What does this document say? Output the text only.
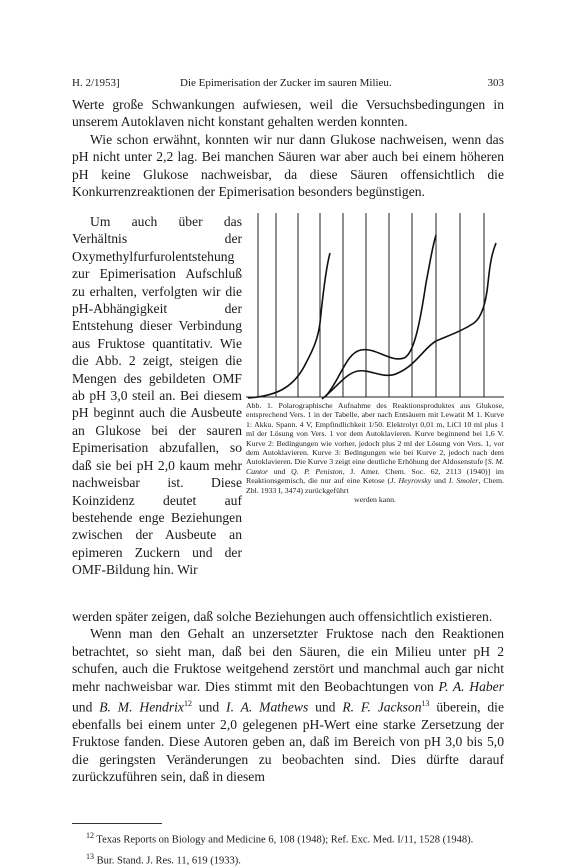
H. 2/1953]	Die Epimerisation der Zucker im sauren Milieu.	303
Werte große Schwankungen aufwiesen, weil die Versuchsbedingungen in unserem Autoklaven nicht konstant gehalten werden konnten.
Wie schon erwähnt, konnten wir nur dann Glukose nachweisen, wenn das pH nicht unter 2,2 lag. Bei manchen Säuren war aber auch bei einem höheren pH keine Glukose nachweisbar, da diese Säuren offensichtlich die Konkurrenzreaktionen der Epimerisation besonders begünstigen.
Um auch über das Verhältnis der Oxymethylfurfurolentstehung zur Epimerisation Aufschluß zu erhalten, verfolgten wir die pH-Abhängigkeit der Entstehung dieser Verbindung aus Fruktose quantitativ. Wie die Abb. 2 zeigt, steigen die Mengen des gebildeten OMF ab pH 3,0 steil an. Bei diesem pH beginnt auch die Ausbeute an Glukose bei der sauren Epimerisation abzufallen, so daß sie bei pH 2,0 kaum mehr nachweisbar ist. Diese Koinzidenz deutet auf bestehende enge Beziehungen zwischen der Ausbeute an epimeren Zuckern und der OMF-Bildung hin. Wir
Abb. 1. Polarographische Aufnahme des Reaktionsproduktes aus Glukose, entsprechend Vers. 1 in der Tabelle, aber nach Entsäuern mit Lewatit M 1. Kurve 1: Akku. Spann. 4 V, Empfindlichkeit 1/50. Elektrolyt 0,01 m, LiCl 10 ml plus 1 ml der Lösung von Vers. 1 vor dem Autoklavieren. Kurve beginnend bei 1,6 V. Kurve 2: Bedingungen wie vorher, jedoch plus 2 ml der Lösung von Vers. 1, vor dem Autoklavieren. Kurve 3: Bedingungen wie bei Kurve 2, jedoch nach dem Autoklavieren. Die Kurve 3 zeigt eine deutliche Erhöhung der Aldosenstufe [S. M. Cantor und Q. P. Peniston, J. Amer. Chem. Soc. 62, 2113 (1940)] im Reaktionsgemisch, die nur auf eine Ketose (J. Heyrovsky und I. Smoler, Chem. Zbl. 1933 I, 3474) zurückgeführt
werden kann.
werden später zeigen, daß solche Beziehungen auch offensichtlich existieren.
Wenn man den Gehalt an unzersetzter Fruktose nach den Reaktionen betrachtet, so sieht man, daß bei den Säuren, die ein Milieu unter pH 2 schufen, auch die Fruktose weitgehend zerstört und manchmal auch gar nicht mehr nachweisbar war. Dies stimmt mit den Beobachtungen von P. A. Haber und B. M. Hendrix$^{12}$ und I. A. Mathews und R. F. Jackson$^{13}$ überein, die ebenfalls bei einem unter 2,0 gelegenen pH-Wert eine starke Zersetzung der Fruktose fanden. Diese Autoren geben an, daß im Bereich von pH 3,0 bis 5,0 die geringsten Veränderungen zu beobachten sind. Dies dürfte darauf zurückzuführen sein, daß in diesem
$^{12}$ Texas Reports on Biology and Medicine 6, 108 (1948); Ref. Exc. Med. I/11, 1528 (1948).
$^{13}$ Bur. Stand. J. Res. 11, 619 (1933).
